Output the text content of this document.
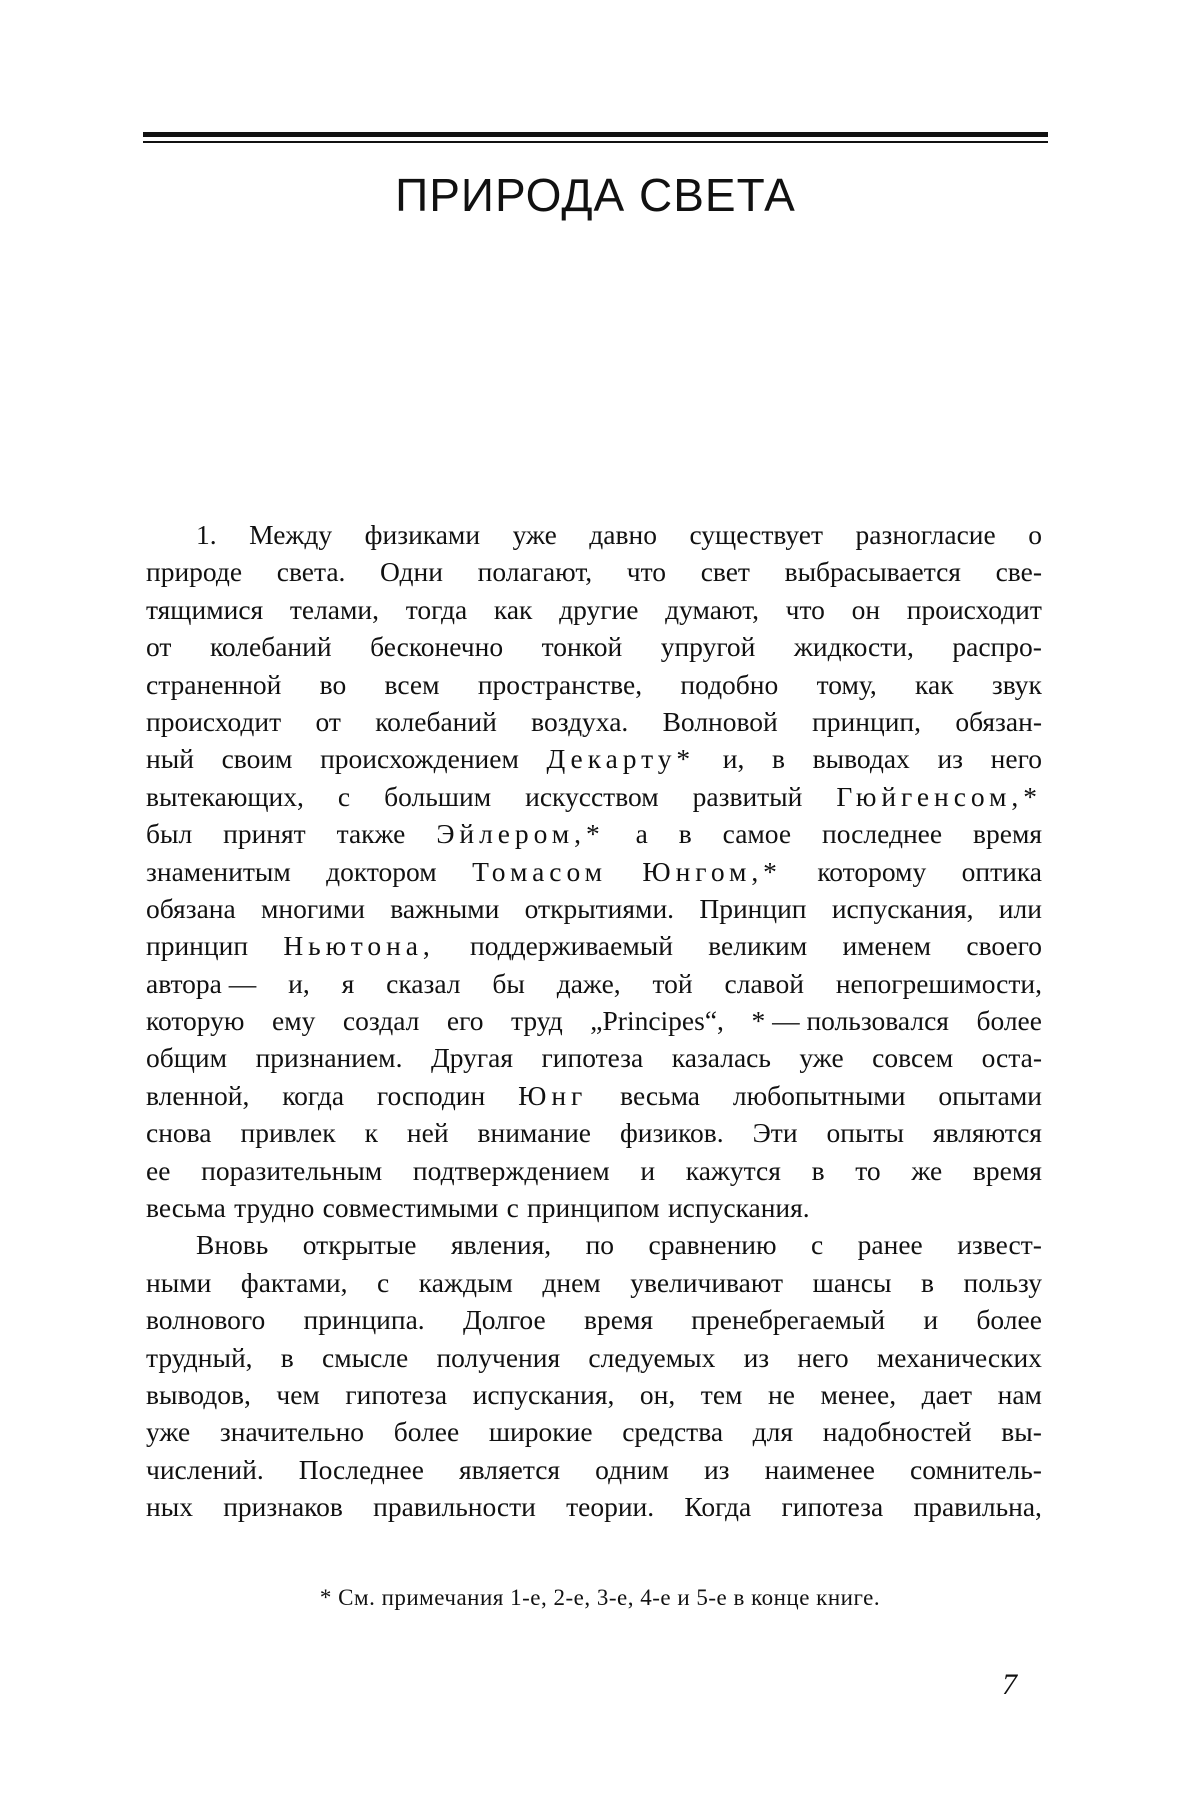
ПРИРОДА СВЕТА
1. Между физиками уже давно существует разногласие о
природе света. Одни полагают, что свет выбрасывается све-
тящимися телами, тогда как другие думают, что он происходит
от колебаний бесконечно тонкой упругой жидкости, распро-
страненной во всем пространстве, подобно тому, как звук
происходит от колебаний воздуха. Волновой принцип, обязан-
ный своим происхождением Декарту* и, в выводах из него
вытекающих, с большим искусством развитый Гюйгенсом,*
был принят также Эйлером,* а в самое последнее время
знаменитым доктором Томасом Юнгом,* которому оптика
обязана многими важными открытиями. Принцип испускания, или
принцип Ньютона, поддерживаемый великим именем своего
автора — и, я сказал бы даже, той славой непогрешимости,
которую ему создал его труд „Principes“, * — пользовался более
общим признанием. Другая гипотеза казалась уже совсем оста-
вленной, когда господин Юнг весьма любопытными опытами
снова привлек к ней внимание физиков. Эти опыты являются
ее поразительным подтверждением и кажутся в то же время
весьма трудно совместимыми с принципом испускания.
Вновь открытые явления, по сравнению с ранее извест-
ными фактами, с каждым днем увеличивают шансы в пользу
волнового принципа. Долгое время пренебрегаемый и более
трудный, в смысле получения следуемых из него механических
выводов, чем гипотеза испускания, он, тем не менее, дает нам
уже значительно более широкие средства для надобностей вы-
числений. Последнее является одним из наименее сомнитель-
ных признаков правильности теории. Когда гипотеза правильна,
* См. примечания 1-е, 2-е, 3-е, 4-е и 5-е в конце книге.
7
